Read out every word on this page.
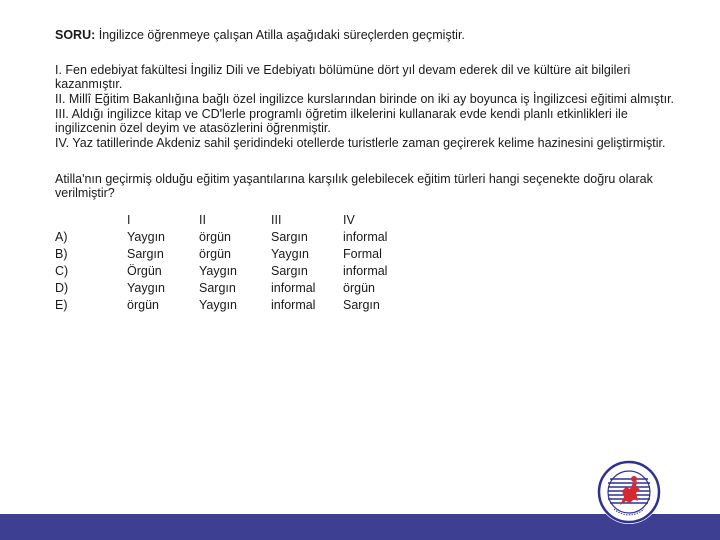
SORU: İngilizce öğrenmeye çalışan Atilla aşağıdaki süreçlerden geçmiştir.

I. Fen edebiyat fakültesi İngiliz Dili ve Edebiyatı bölümüne dört yıl devam ederek dil ve kültüre ait bilgileri kazanmıştır.

II. Millî Eğitim Bakanlığına bağlı özel ingilizce kurslarından birinde on iki ay boyunca iş İngilizcesi eğitimi almıştır.

III. Aldığı ingilizce kitap ve CD'lerle programlı öğretim ilkelerini kullanarak evde kendi planlı etkinlikleri ile ingilizcenin özel deyim ve atasözlerini öğrenmiştir.

IV. Yaz tatillerinde Akdeniz sahil şeridindeki otellerde turistlerle zaman geçirerek kelime hazinesini geliştirmiştir.

Atilla'nın geçirmiş olduğu eğitim yaşantılarına karşılık gelebilecek eğitim türleri hangi seçenekte doğru olarak verilmiştir?

	I	II	III	IV
A)	Yaygın	örgün	Sargın	informal
B)	Sargın	örgün	Yaygın	Formal
C)	Örgün	Yaygın	Sargın	informal
D)	Yaygın	Sargın	informal	örgün
E)	örgün	Yaygın	informal	Sargın
